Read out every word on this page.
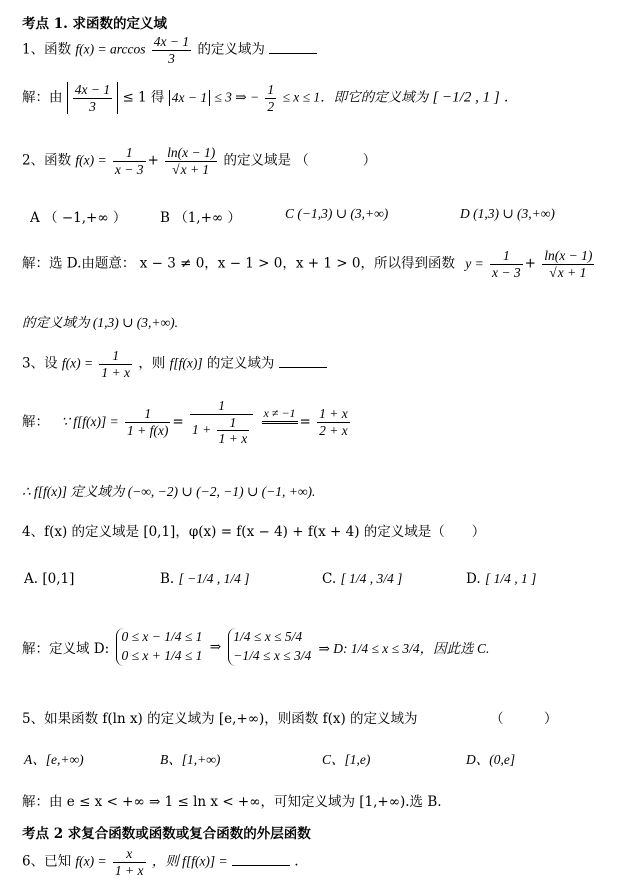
考点 1. 求函数的定义域
1、函数 $f(x) = \arccos \frac{4x - 1}{3}$ 的定义域为
解：由 $\frac{4x - 1}{3} \le 1$ 得 4x − 1 ≤ 3 ⇒ − $\frac{1}{2} \le x \le 1$．即它的定义域为 [ −1/2 , 1 ] .
2、函数 $f(x) = \frac{1}{x - 3} + \frac{\ln(x - 1)}{√x + 1}$ 的定义域是 （　　　　）
A （ −1,+∞ ） B （1,+∞ ）	C (−1,3) ∪ (3,+∞)	D (1,3) ∪ (3,+∞)
解：选 D.由题意： x − 3 ≠ 0，x − 1 > 0，x + 1 > 0，所以得到函数 $y = \frac{1}{x - 3} + \frac{\ln(x - 1)}{√x + 1}$
的定义域为 (1,3) ∪ (3,+∞).
3、设 $f(x) = \frac{1}{1 + x}$ ，则 f[f(x)] 的定义域为
解： ∵ $f[f(x)] = \frac{1}{1 + f(x)} = \frac{1}{1 + \frac{1}{1 + x}}$
x ≠ −1

= $\frac{1 + x}{2 + x}$
∴ f[f(x)] 定义域为 (−∞, −2) ∪ (−2, −1) ∪ (−1, +∞).
4、f(x) 的定义域是 [0,1]，φ(x) = f(x − 4) + f(x + 4) 的定义域是（　　）
A. [0,1]	B. [ −1/4 , 1/4 ]	C. [ 1/4 , 3/4 ]	D. [ 1/4 , 1 ]
解：定义域 D:
0 ≤ x − 1/4 ≤ 1
0 ≤ x + 1/4 ≤ 1
⇒
1/4 ≤ x ≤ 5/4
−1/4 ≤ x ≤ 3/4 ⇒ D: 1/4 ≤ x ≤ 3/4，因此选 C.
5、如果函数 f(ln x) 的定义域为 [e,+∞)，则函数 f(x) 的定义域为	（　　　）
A、[e,+∞)	B、[1,+∞)	C、[1,e)	D、(0,e]
解：由 e ≤ x < +∞ ⇒ 1 ≤ ln x < +∞，可知定义域为 [1,+∞).选 B.
考点 2 求复合函数或函数或复合函数的外层函数
6、已知 $f(x) = \frac{x}{1 + x}$ ，则 f[f(x)] =	.
